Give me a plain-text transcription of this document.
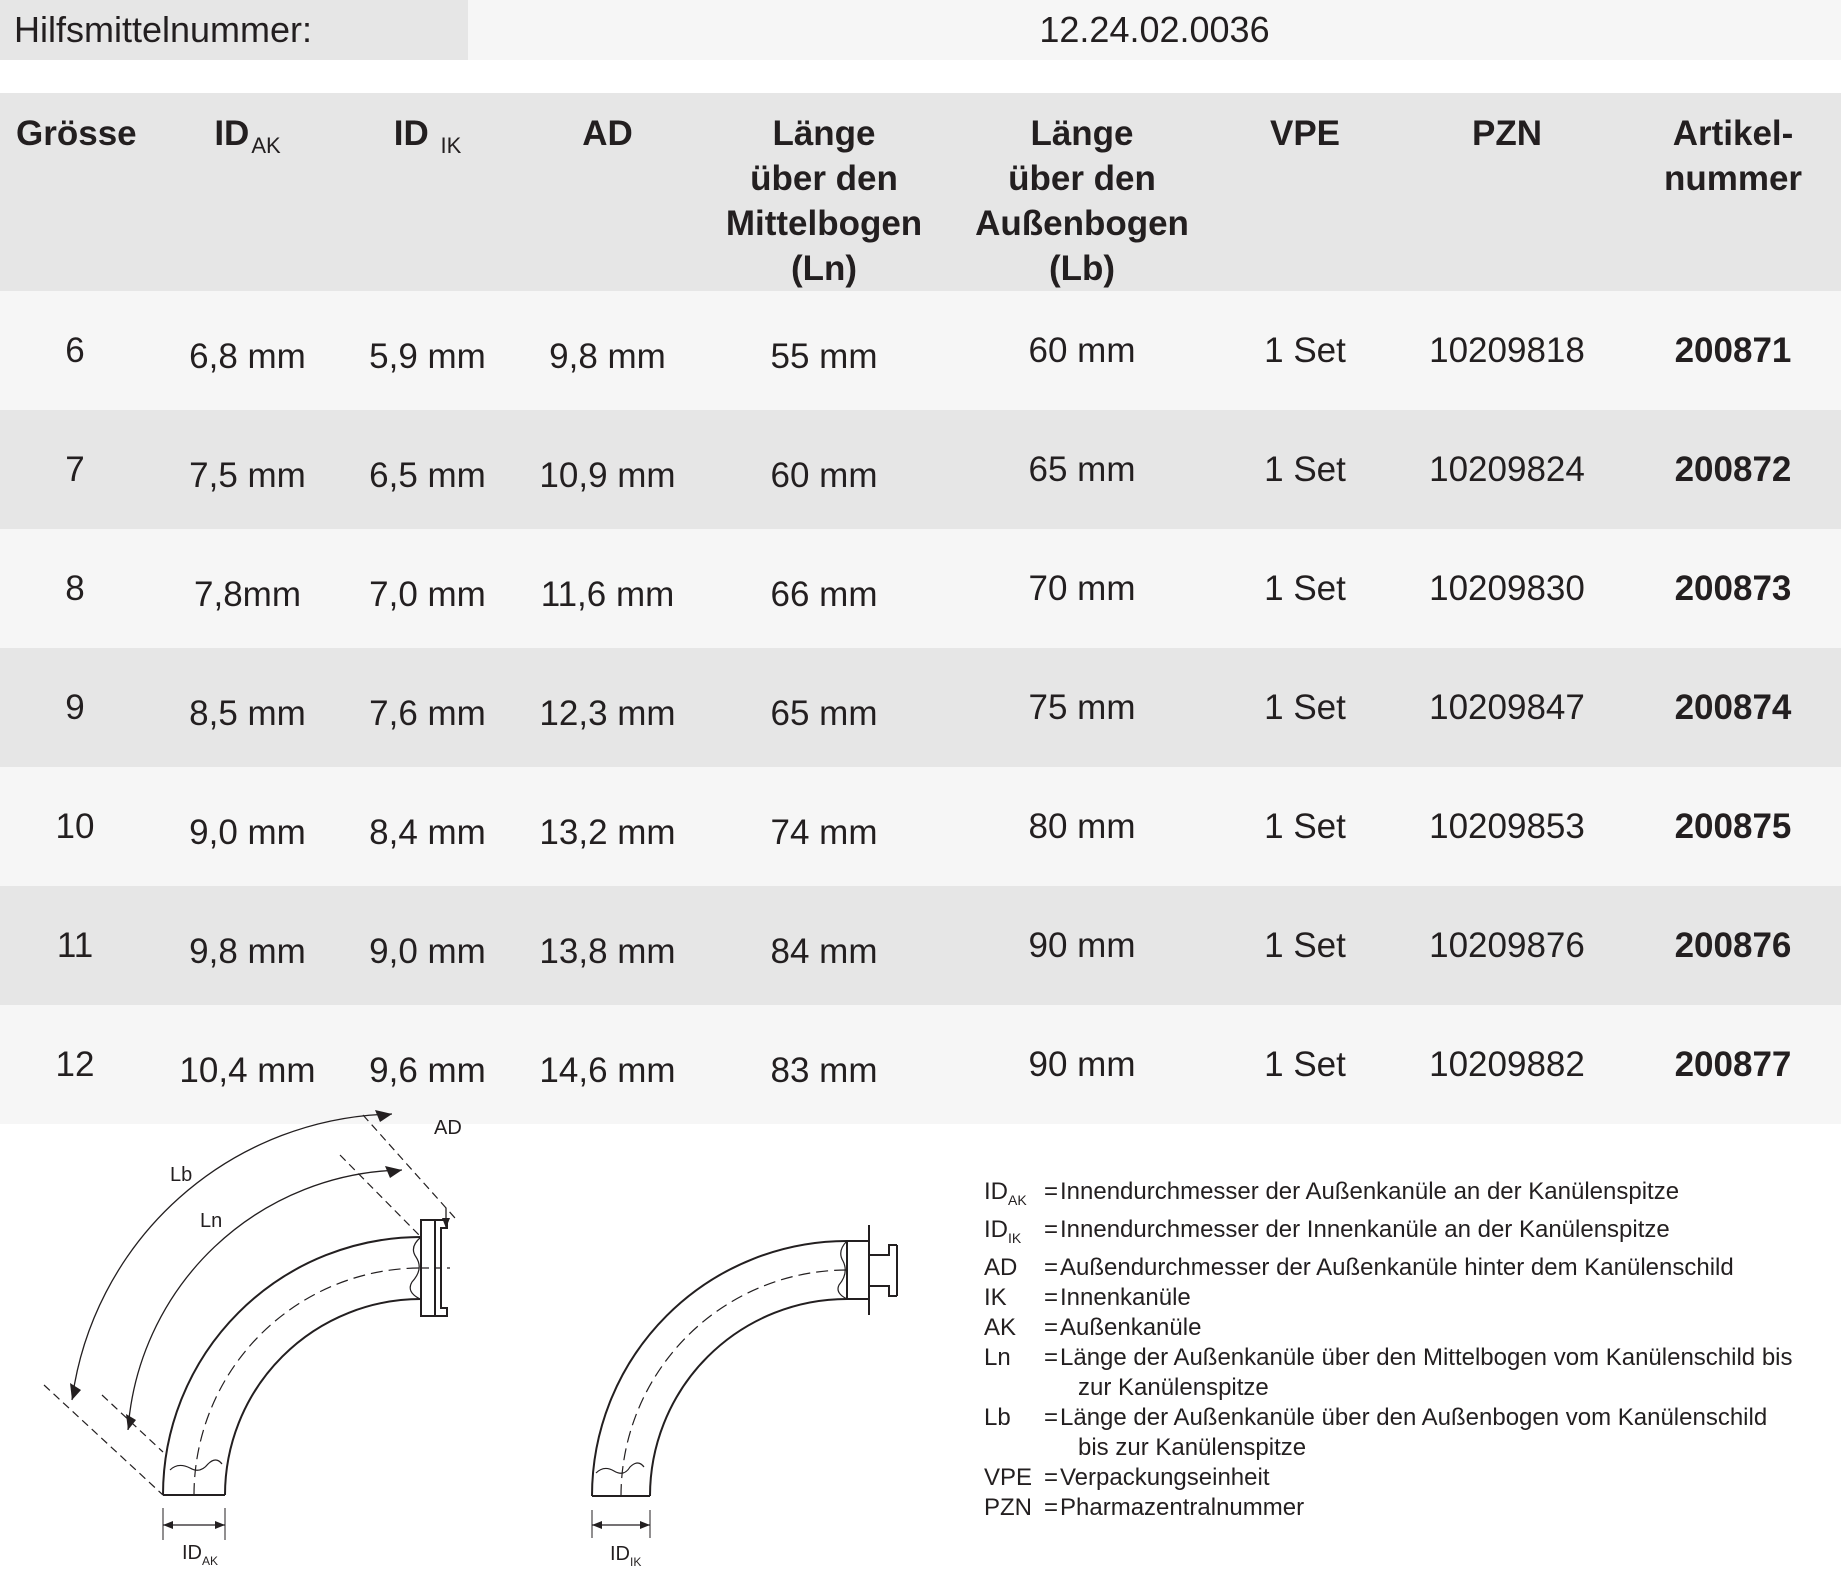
Hilfsmittelnummer:	12.24.02.0036
Grösse	$ID_{AK}$	ID $_{IK}$	AD	Länge
über den
Mittelbogen
(Ln)	Länge
über den
Außenbogen
(Lb)	VPE	PZN	Artikel-
nummer
6	6,8 mm	5,9 mm	9,8 mm	55 mm	60 mm	1 Set	10209818	200871
7	7,5 mm	6,5 mm	10,9 mm	60 mm	65 mm	1 Set	10209824	200872
8	7,8mm	7,0 mm	11,6 mm	66 mm	70 mm	1 Set	10209830	200873
9	8,5 mm	7,6 mm	12,3 mm	65 mm	75 mm	1 Set	10209847	200874
10	9,0 mm	8,4 mm	13,2 mm	74 mm	80 mm	1 Set	10209853	200875
11	9,8 mm	9,0 mm	13,8 mm	84 mm	90 mm	1 Set	10209876	200876
12	10,4 mm	9,6 mm	14,6 mm	83 mm	90 mm	1 Set	10209882	200877
Lb
Ln
AD
$ID_{AK}$	$ID_{IK}$
$ID_{AK}$ = Innendurchmesser der Außenkanüle an der Kanülenspitze
$ID_{IK}$ = Innendurchmesser der Innenkanüle an der Kanülenspitze
AD	= Außendurchmesser der Außenkanüle hinter dem Kanülenschild
IK	= Innenkanüle
AK	= Außenkanüle
Ln	= Länge der Außenkanüle über den Mittelbogen vom Kanülenschild bis
zur Kanülenspitze
Lb	= Länge der Außenkanüle über den Außenbogen vom Kanülenschild
bis zur Kanülenspitze
VPE = Verpackungseinheit
PZN = Pharmazentralnummer
